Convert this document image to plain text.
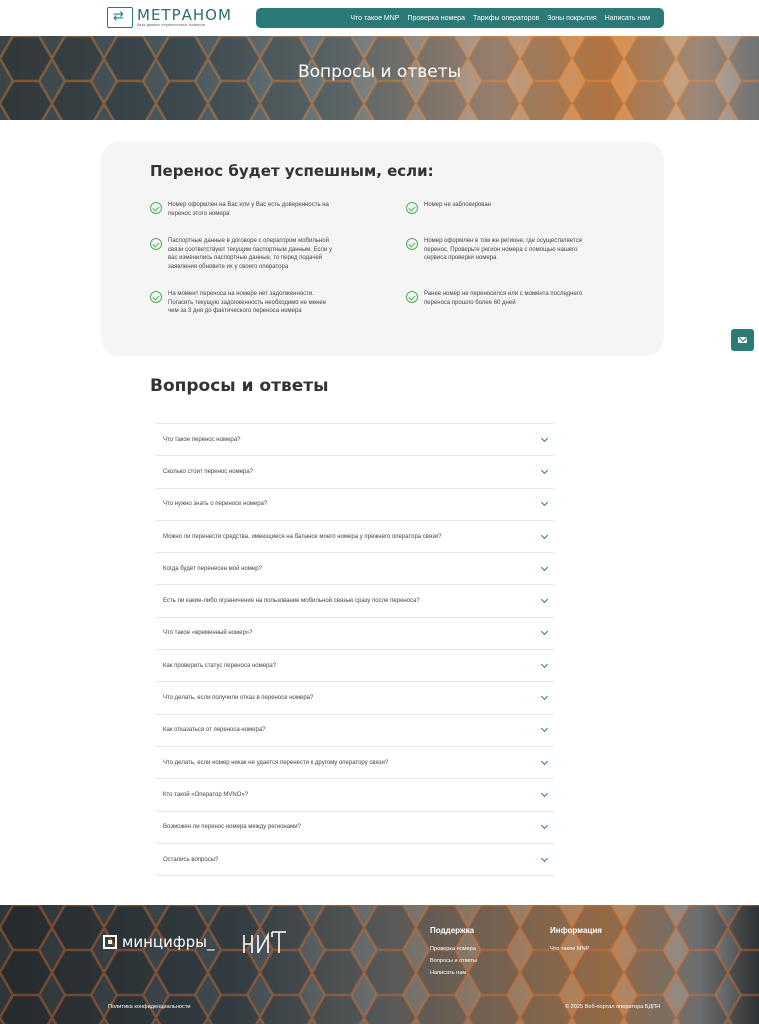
⇄
МЕТРАНОМ
база данных перенесенных номеров
Что такое MNP Проверка номера Тарифы операторов Зоны покрытия Написать нам
Вопросы и ответы
Перенос будет успешным, если:
Номер оформлен на Вас или у Вас есть доверенность на
перенос этого номера
Паспортные данные в договоре с оператором мобильной
связи соответствуют текущим паспортным данным. Если у
вас изменились паспортные данные, то перед подачей
заявления обновите их у своего оператора
На момент переноса на номере нет задолженности.
Погасить текущую задолженность необходимо не менее
чем за 3 дня до фактического переноса номера
Номер не заблокирован
Номер оформлен в том же регионе, где осуществляется
перенос. Проверьте регион номера с помощью нашего
сервиса проверки номера
Ранее номер не переносился или с момента последнего
переноса прошло более 60 дней
Вопросы и ответы
Что такое перенос номера?
Сколько стоит перенос номера?
Что нужно знать о переносе номера?
Можно ли перенести средства, имеющиеся на балансе моего номера у прежнего оператора связи?
Когда будет перенесен мой номер?
Есть ли какие-либо ограничения на пользование мобильной связью сразу после переноса?
Что такое «временный номер»?
Как проверить статус переноса номера?
Что делать, если получили отказ в переносе номера?
Как отказаться от переноса номера?
Что делать, если номер никак не удается перенести к другому оператору связи?
Кто такой «Оператор MVNO»?
Возможен ли перенос номера между регионами?
Остались вопросы?
минцифры_
Поддержка
Проверка номера
Вопросы и ответы
Написать нам
Информация
Что такое MNP
Политика конфиденциальности	© 2025 Веб-портал оператора БДПН
